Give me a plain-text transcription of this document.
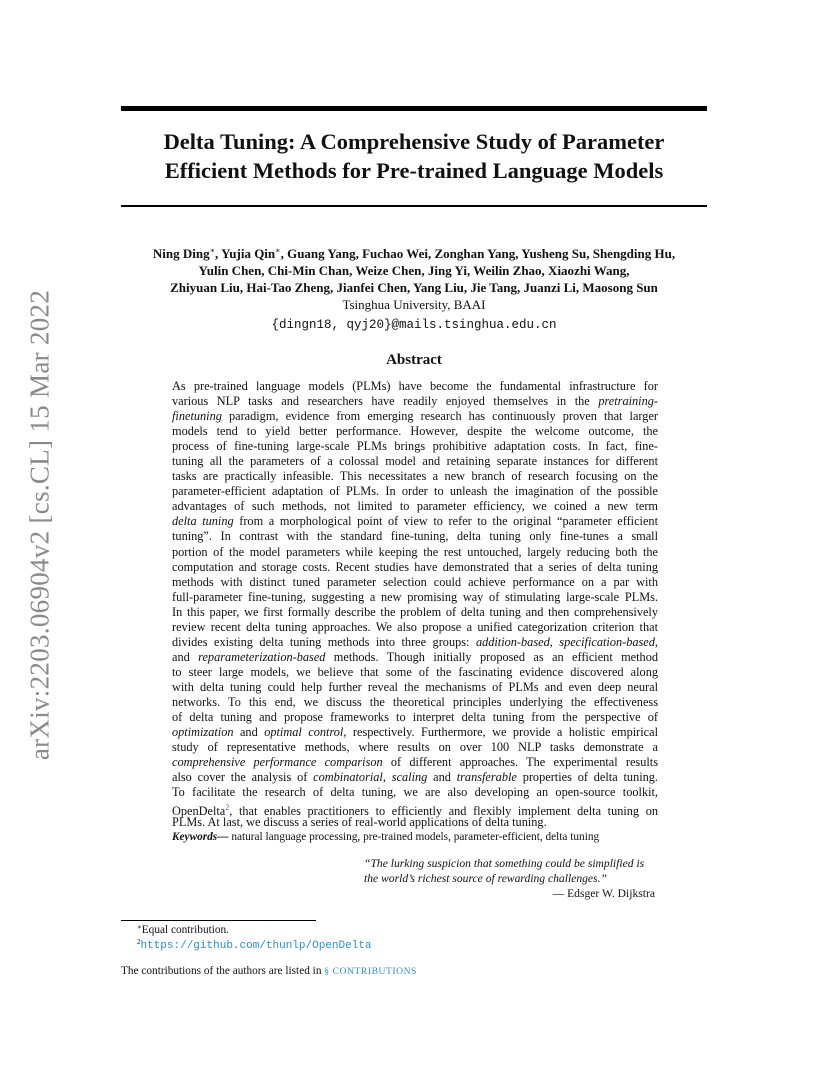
arXiv:2203.06904v2 [cs.CL] 15 Mar 2022
Delta Tuning: A Comprehensive Study of Parameter
Efficient Methods for Pre-trained Language Models
Ning Ding∗, Yujia Qin∗, Guang Yang, Fuchao Wei, Zonghan Yang, Yusheng Su, Shengding Hu,
Yulin Chen, Chi-Min Chan, Weize Chen, Jing Yi, Weilin Zhao, Xiaozhi Wang,
Zhiyuan Liu, Hai-Tao Zheng, Jianfei Chen, Yang Liu, Jie Tang, Juanzi Li, Maosong Sun
Tsinghua University, BAAI
{dingn18, qyj20}@mails.tsinghua.edu.cn
Abstract
As pre-trained language models (PLMs) have become the fundamental infrastructure for
various NLP tasks and researchers have readily enjoyed themselves in the pretraining-
finetuning paradigm, evidence from emerging research has continuously proven that larger
models tend to yield better performance. However, despite the welcome outcome, the
process of fine-tuning large-scale PLMs brings prohibitive adaptation costs. In fact, fine-
tuning all the parameters of a colossal model and retaining separate instances for different
tasks are practically infeasible. This necessitates a new branch of research focusing on the
parameter-efficient adaptation of PLMs. In order to unleash the imagination of the possible
advantages of such methods, not limited to parameter efficiency, we coined a new term
delta tuning from a morphological point of view to refer to the original “parameter efficient
tuning”. In contrast with the standard fine-tuning, delta tuning only fine-tunes a small
portion of the model parameters while keeping the rest untouched, largely reducing both the
computation and storage costs. Recent studies have demonstrated that a series of delta tuning
methods with distinct tuned parameter selection could achieve performance on a par with
full-parameter fine-tuning, suggesting a new promising way of stimulating large-scale PLMs.
In this paper, we first formally describe the problem of delta tuning and then comprehensively
review recent delta tuning approaches. We also propose a unified categorization criterion that
divides existing delta tuning methods into three groups: addition-based, specification-based,
and reparameterization-based methods. Though initially proposed as an efficient method
to steer large models, we believe that some of the fascinating evidence discovered along
with delta tuning could help further reveal the mechanisms of PLMs and even deep neural
networks. To this end, we discuss the theoretical principles underlying the effectiveness
of delta tuning and propose frameworks to interpret delta tuning from the perspective of
optimization and optimal control, respectively. Furthermore, we provide a holistic empirical
study of representative methods, where results on over 100 NLP tasks demonstrate a
comprehensive performance comparison of different approaches. The experimental results
also cover the analysis of combinatorial, scaling and transferable properties of delta tuning.
To facilitate the research of delta tuning, we are also developing an open-source toolkit,
OpenDelta$^2$, that enables practitioners to efficiently and flexibly implement delta tuning on
PLMs. At last, we discuss a series of real-world applications of delta tuning.
Keywords— natural language processing, pre-trained models, parameter-efficient, delta tuning
“The lurking suspicion that something could be simplified is
the world’s richest source of rewarding challenges.”
— Edsger W. Dijkstra
∗Equal contribution.
$^2$https://github.com/thunlp/OpenDelta
The contributions of the authors are listed in § CONTRIBUTIONS
